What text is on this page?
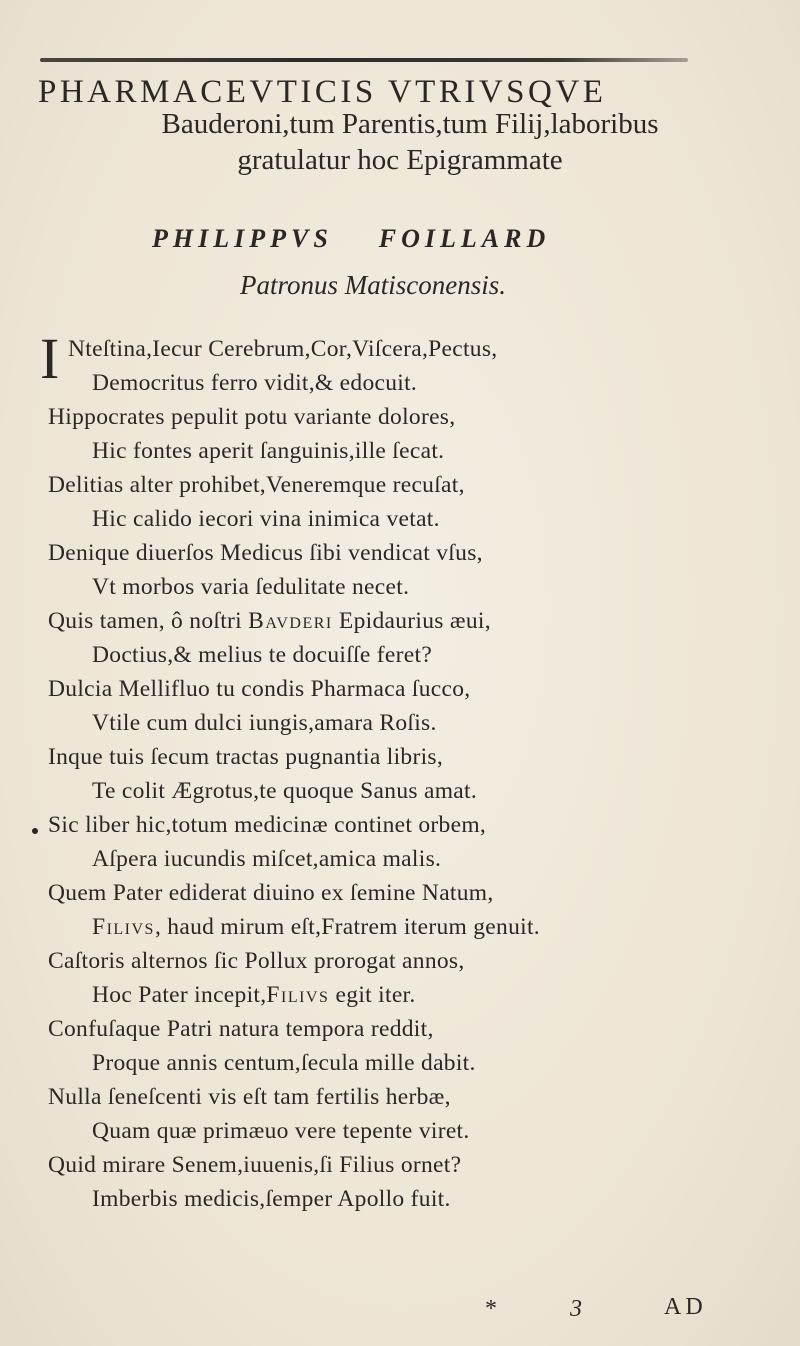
PHARMACEVTICIS VTRIVSQVE
Bauderoni,tum Parentis,tum Filij,laboribus
gratulatur hoc Epigrammate
PHILIPPVS FOILLARD
Patronus Matisconensis.
I Nteſtina,Iecur Cerebrum,Cor,Viſcera,Pectus,
Democritus ferro vidit,& edocuit.
Hippocrates pepulit potu variante dolores,
Hic fontes aperit ſanguinis,ille ſecat.
Delitias alter prohibet,Veneremque recuſat,
Hic calido iecori vina inimica vetat.
Denique diuerſos Medicus ſibi vendicat vſus,
Vt morbos varia ſedulitate necet.
Quis tamen, ô noſtri Bavderi Epidaurius æui,
Doctius,& melius te docuiſſe feret?
Dulcia Mellifluo tu condis Pharmaca ſucco,
Vtile cum dulci iungis,amara Roſis.
Inque tuis ſecum tractas pugnantia libris,
Te colit Ægrotus,te quoque Sanus amat.
Sic liber hic,totum medicinæ continet orbem,
Aſpera iucundis miſcet,amica malis.
Quem Pater ediderat diuino ex ſemine Natum,
Filivs, haud mirum eſt,Fratrem iterum genuit.
Caſtoris alternos ſic Pollux prorogat annos,
Hoc Pater incepit,Filivs egit iter.
Confuſaque Patri natura tempora reddit,
Proque annis centum,ſecula mille dabit.
Nulla ſeneſcenti vis eſt tam fertilis herbæ,
Quam quæ primæuo vere tepente viret.
Quid mirare Senem,iuuenis,ſi Filius ornet?
Imberbis medicis,ſemper Apollo fuit.
*	3	AD
